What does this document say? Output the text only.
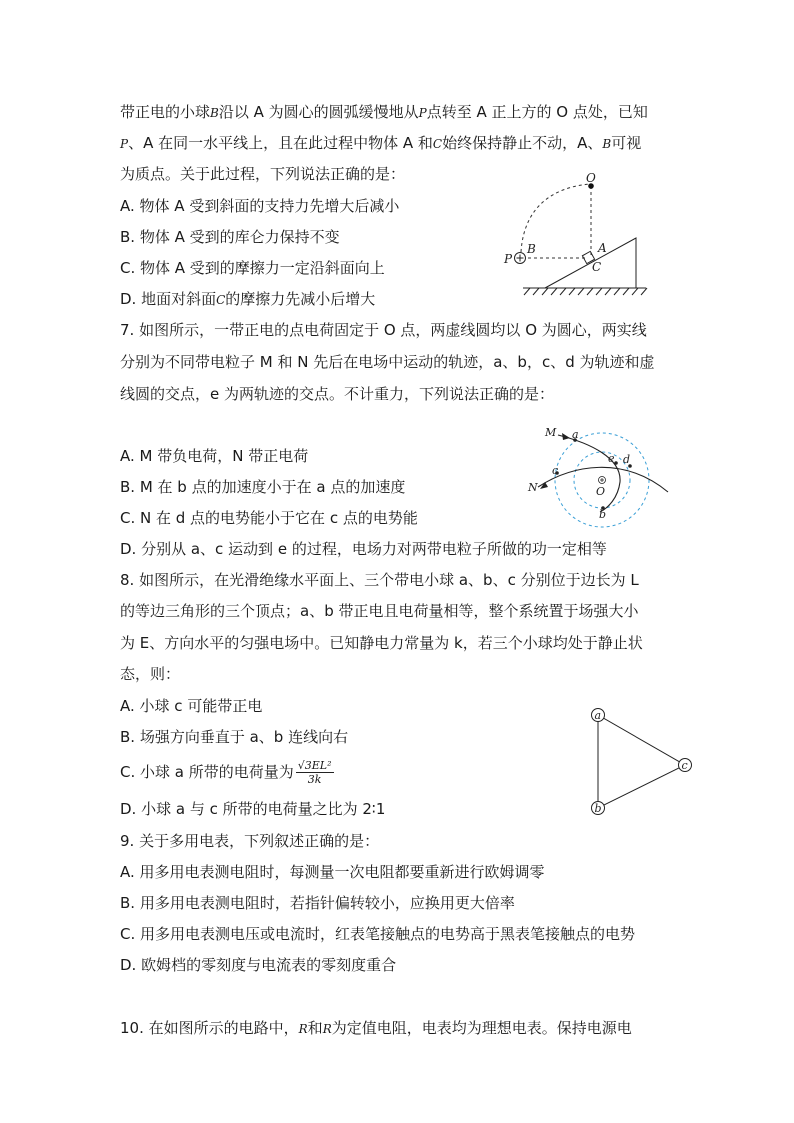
带正电的小球B沿以 A 为圆心的圆弧缓慢地从P点转至 A 正上方的 O 点处，已知
P、A 在同一水平线上，且在此过程中物体 A 和C始终保持静止不动，A、B可视
为质点。关于此过程，下列说法正确的是：
A. 物体 A 受到斜面的支持力先增大后减小
B. 物体 A 受到的库仑力保持不变
C. 物体 A 受到的摩擦力一定沿斜面向上
D. 地面对斜面C的摩擦力先减小后增大
O
P
B	A
C
7. 如图所示，一带正电的点电荷固定于 O 点，两虚线圆均以 O 为圆心，两实线
分别为不同带电粒子 M 和 N 先后在电场中运动的轨迹，a、b，c、d 为轨迹和虚
线圆的交点，e 为两轨迹的交点。不计重力，下列说法正确的是：
A. M 带负电荷，N 带正电荷
B. M 在 b 点的加速度小于在 a 点的加速度
C. N 在 d 点的电势能小于它在 c 点的电势能
D. 分别从 a、c 运动到 e 的过程，电场力对两带电粒子所做的功一定相等
M
N
a
b
c
d
e
O
8. 如图所示，在光滑绝缘水平面上、三个带电小球 a、b、c 分别位于边长为 L
的等边三角形的三个顶点；a、b 带正电且电荷量相等，整个系统置于场强大小
为 E、方向水平的匀强电场中。已知静电力常量为 k，若三个小球均处于静止状
态，则：
A. 小球 c 可能带正电
B. 场强方向垂直于 a、b 连线向右
C. 小球 a 所带的电荷量为 $\frac{\text{√3EL²}}{3k}$
D. 小球 a 与 c 所带的电荷量之比为 2∶1
a
b
c
9. 关于多用电表，下列叙述正确的是：
A. 用多用电表测电阻时，每测量一次电阻都要重新进行欧姆调零
B. 用多用电表测电阻时，若指针偏转较小，应换用更大倍率
C. 用多用电表测电压或电流时，红表笔接触点的电势高于黑表笔接触点的电势
D. 欧姆档的零刻度与电流表的零刻度重合
10. 在如图所示的电路中，R和R为定值电阻，电表均为理想电表。保持电源电
